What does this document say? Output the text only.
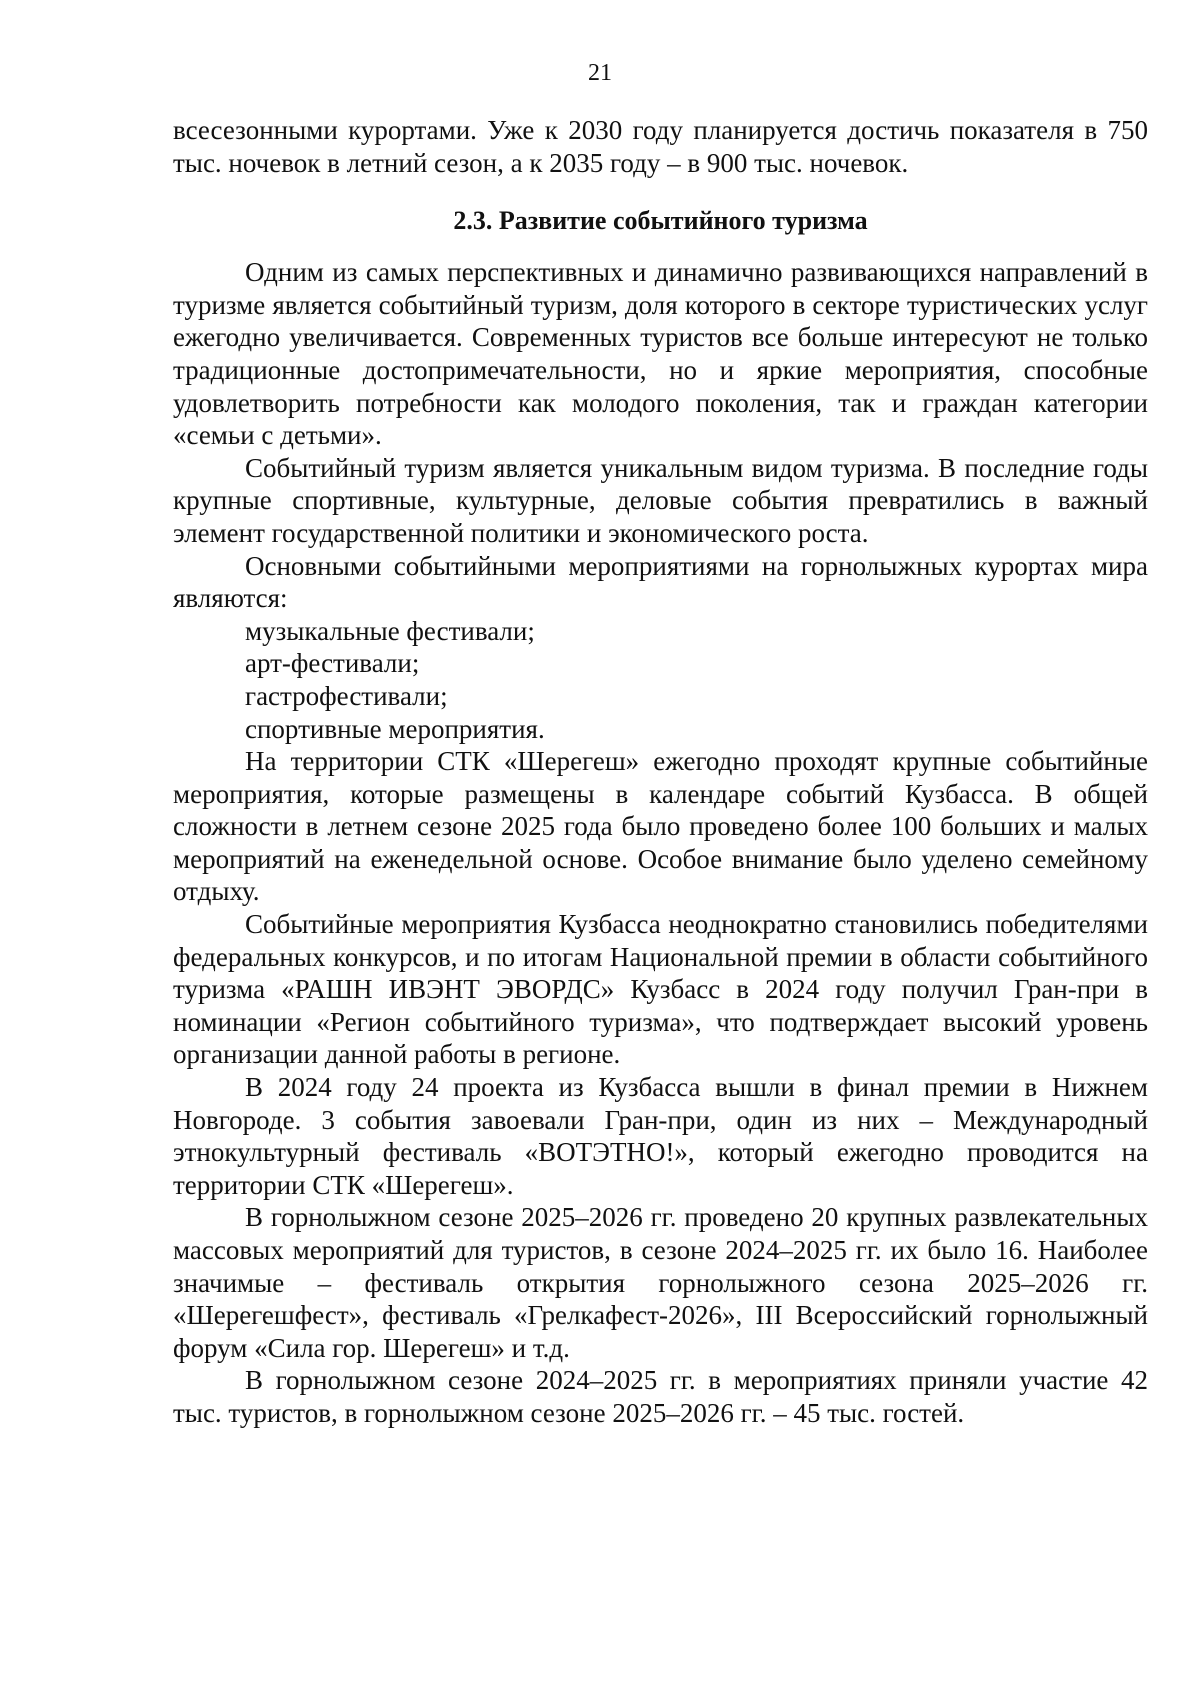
21

всесезонными курортами. Уже к 2030 году планируется достичь показателя в 750 тыс. ночевок в летний сезон, а к 2035 году – в 900 тыс. ночевок.

2.3. Развитие событийного туризма

Одним из самых перспективных и динамично развивающихся направлений в туризме является событийный туризм, доля которого в секторе туристических услуг ежегодно увеличивается. Современных туристов все больше интересуют не только традиционные достопримечательности, но и яркие мероприятия, способные удовлетворить потребности как молодого поколения, так и граждан категории «семьи с детьми».

Событийный туризм является уникальным видом туризма. В последние годы крупные спортивные, культурные, деловые события превратились в важный элемент государственной политики и экономического роста.

Основными событийными мероприятиями на горнолыжных курортах мира являются:

музыкальные фестивали;
арт-фестивали;
гастрофестивали;
спортивные мероприятия.

На территории СТК «Шерегеш» ежегодно проходят крупные событийные мероприятия, которые размещены в календаре событий Кузбасса. В общей сложности в летнем сезоне 2025 года было проведено более 100 больших и малых мероприятий на еженедельной основе. Особое внимание было уделено семейному отдыху.

Событийные мероприятия Кузбасса неоднократно становились победителями федеральных конкурсов, и по итогам Национальной премии в области событийного туризма «РАШН ИВЭНТ ЭВОРДС» Кузбасс в 2024 году получил Гран-при в номинации «Регион событийного туризма», что подтверждает высокий уровень организации данной работы в регионе.

В 2024 году 24 проекта из Кузбасса вышли в финал премии в Нижнем Новгороде. 3 события завоевали Гран-при, один из них – Международный этнокультурный фестиваль «ВОТЭТНО!», который ежегодно проводится на территории СТК «Шерегеш».

В горнолыжном сезоне 2025–2026 гг. проведено 20 крупных развлекательных массовых мероприятий для туристов, в сезоне 2024–2025 гг. их было 16. Наиболее значимые – фестиваль открытия горнолыжного сезона 2025–2026 гг. «Шерегешфест», фестиваль «Грелкафест-2026», III Всероссийский горнолыжный форум «Сила гор. Шерегеш» и т.д.

В горнолыжном сезоне 2024–2025 гг. в мероприятиях приняли участие 42 тыс. туристов, в горнолыжном сезоне 2025–2026 гг. – 45 тыс. гостей.
